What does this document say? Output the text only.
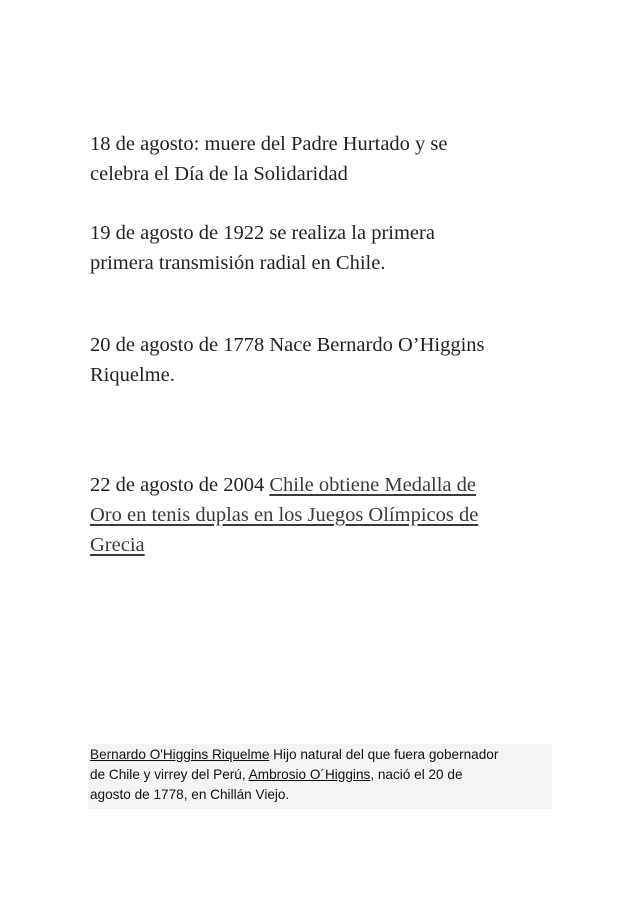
18 de agosto: muere del Padre Hurtado y se
celebra el Día de la Solidaridad

19 de agosto de 1922 se realiza la primera
primera transmisión radial en Chile.

20 de agosto de 1778 Nace Bernardo O’Higgins
Riquelme.

22 de agosto de 2004 Chile obtiene Medalla de
Oro en tenis duplas en los Juegos Olímpicos de
Grecia

Bernardo O'Higgins Riquelme Hijo natural del que fuera gobernador
de Chile y virrey del Perú, Ambrosio O´Higgins, nació el 20 de
agosto de 1778, en Chillán Viejo.
